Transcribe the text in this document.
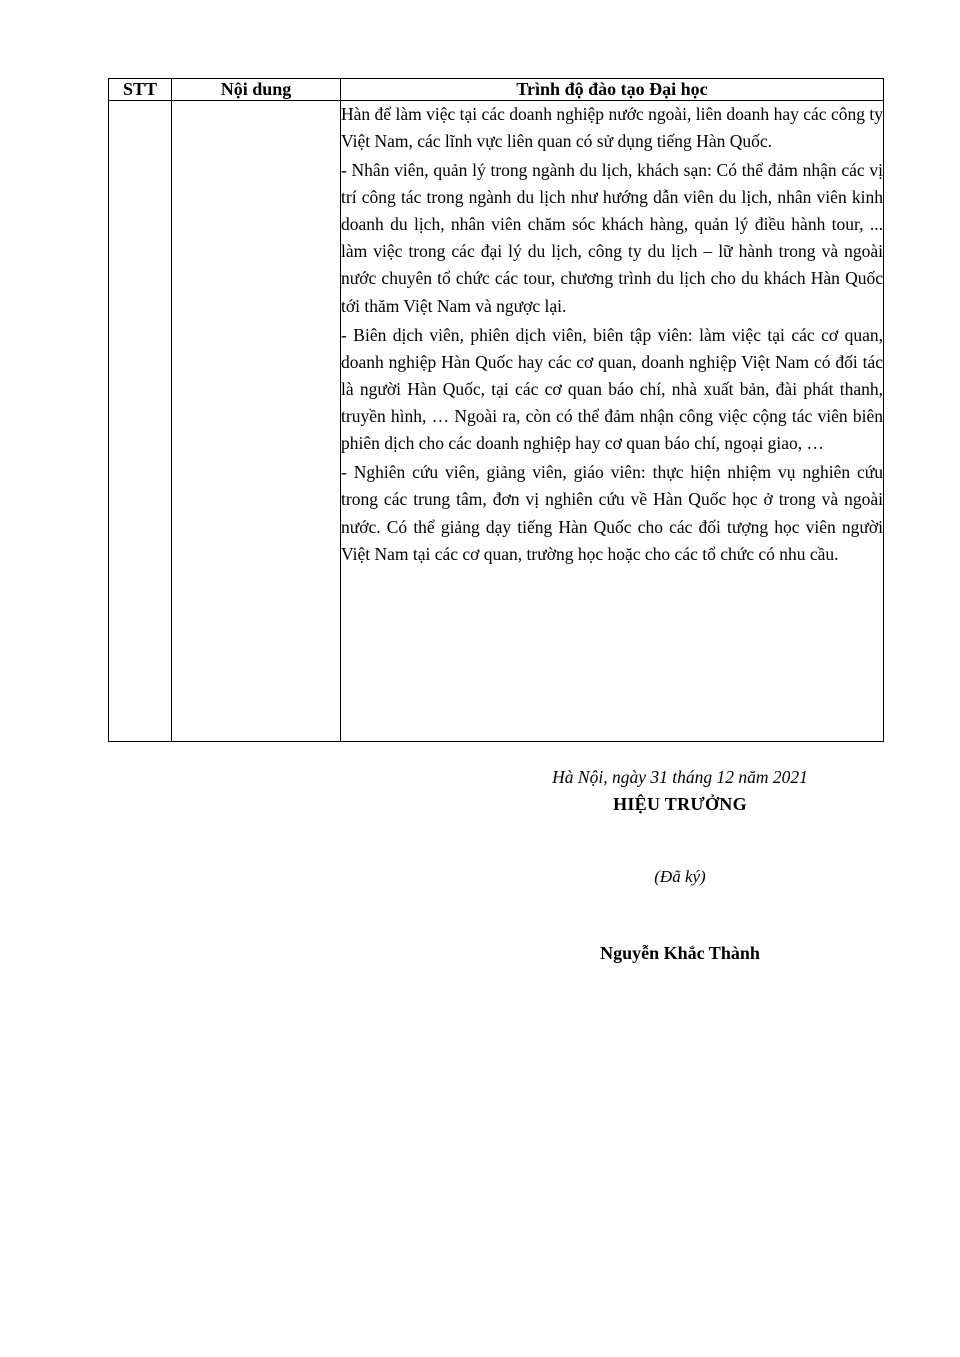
STT	Nội dung	Trình độ đào tạo Đại học

		Hàn để làm việc tại các doanh nghiệp nước ngoài, liên doanh hay các công ty Việt Nam, các lĩnh vực liên quan có sử dụng tiếng Hàn Quốc.

- Nhân viên, quản lý trong ngành du lịch, khách sạn: Có thể đảm nhận các vị trí công tác trong ngành du lịch như hướng dẫn viên du lịch, nhân viên kinh doanh du lịch, nhân viên chăm sóc khách hàng, quản lý điều hành tour, ... làm việc trong các đại lý du lịch, công ty du lịch – lữ hành trong và ngoài nước chuyên tổ chức các tour, chương trình du lịch cho du khách Hàn Quốc tới thăm Việt Nam và ngược lại.

- Biên dịch viên, phiên dịch viên, biên tập viên: làm việc tại các cơ quan, doanh nghiệp Hàn Quốc hay các cơ quan, doanh nghiệp Việt Nam có đối tác là người Hàn Quốc, tại các cơ quan báo chí, nhà xuất bản, đài phát thanh, truyền hình, … Ngoài ra, còn có thể đảm nhận công việc cộng tác viên biên phiên dịch cho các doanh nghiệp hay cơ quan báo chí, ngoại giao, …

- Nghiên cứu viên, giảng viên, giáo viên: thực hiện nhiệm vụ nghiên cứu trong các trung tâm, đơn vị nghiên cứu về Hàn Quốc học ở trong và ngoài nước. Có thể giảng dạy tiếng Hàn Quốc cho các đối tượng học viên người Việt Nam tại các cơ quan, trường học hoặc cho các tổ chức có nhu cầu.

Hà Nội, ngày 31 tháng 12 năm 2021
HIỆU TRƯỞNG
(Đã ký)
Nguyễn Khắc Thành
